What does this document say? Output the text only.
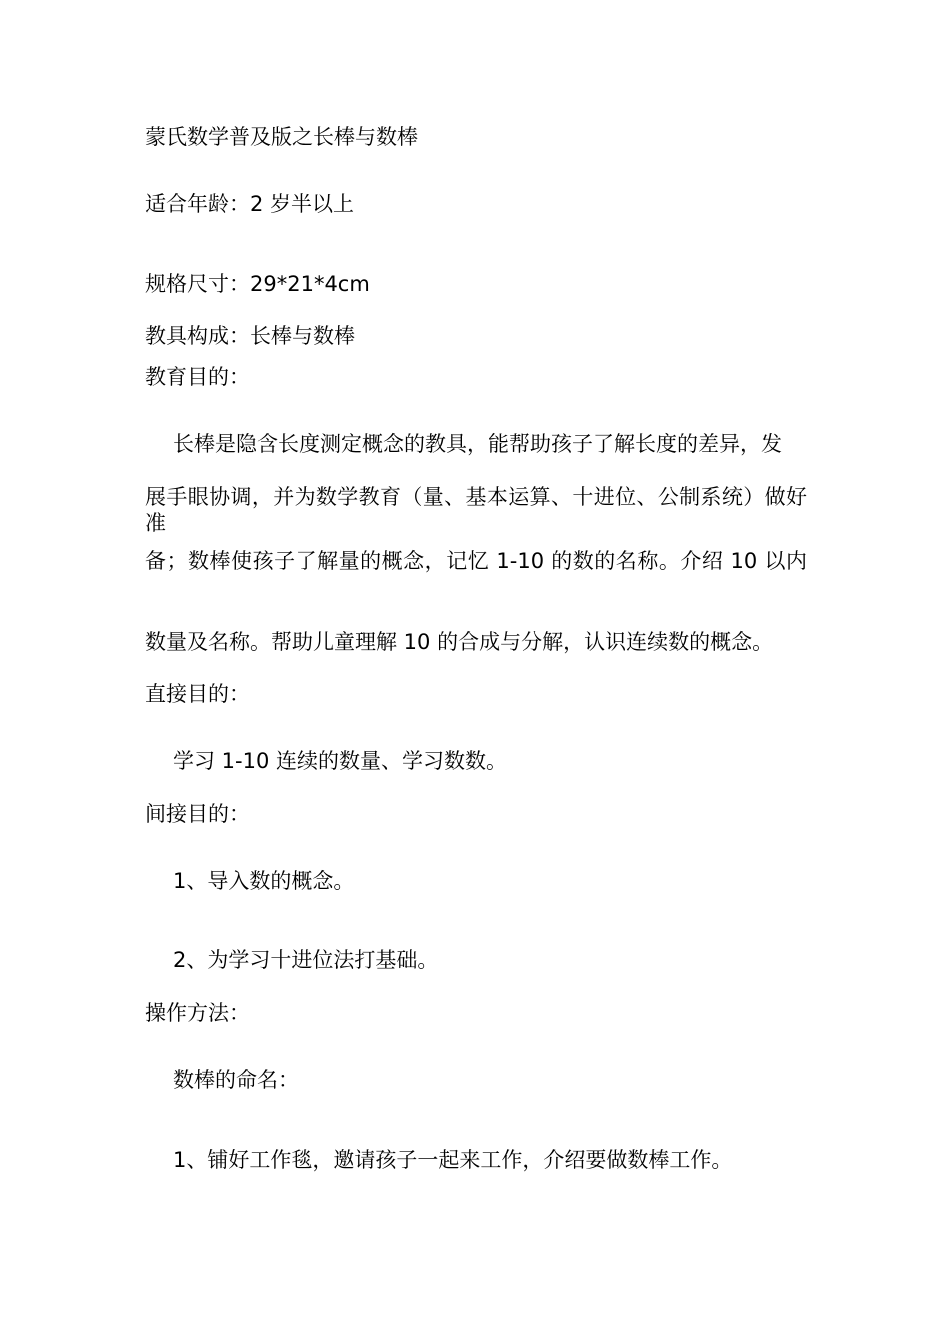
蒙氏数学普及版之长棒与数棒
适合年龄：2 岁半以上
规格尺寸：29*21*4cm
教具构成：长棒与数棒
教育目的：
长棒是隐含长度测定概念的教具，能帮助孩子了解长度的差异，发
展手眼协调，并为数学教育（量、基本运算、十进位、公制系统）做好准
备；数棒使孩子了解量的概念，记忆 1-10 的数的名称。介绍 10 以内
数量及名称。帮助儿童理解 10 的合成与分解，认识连续数的概念。
直接目的：
学习 1-10 连续的数量、学习数数。
间接目的：
1、导入数的概念。
2、为学习十进位法打基础。
操作方法：
数棒的命名：
1、铺好工作毯，邀请孩子一起来工作，介绍要做数棒工作。
